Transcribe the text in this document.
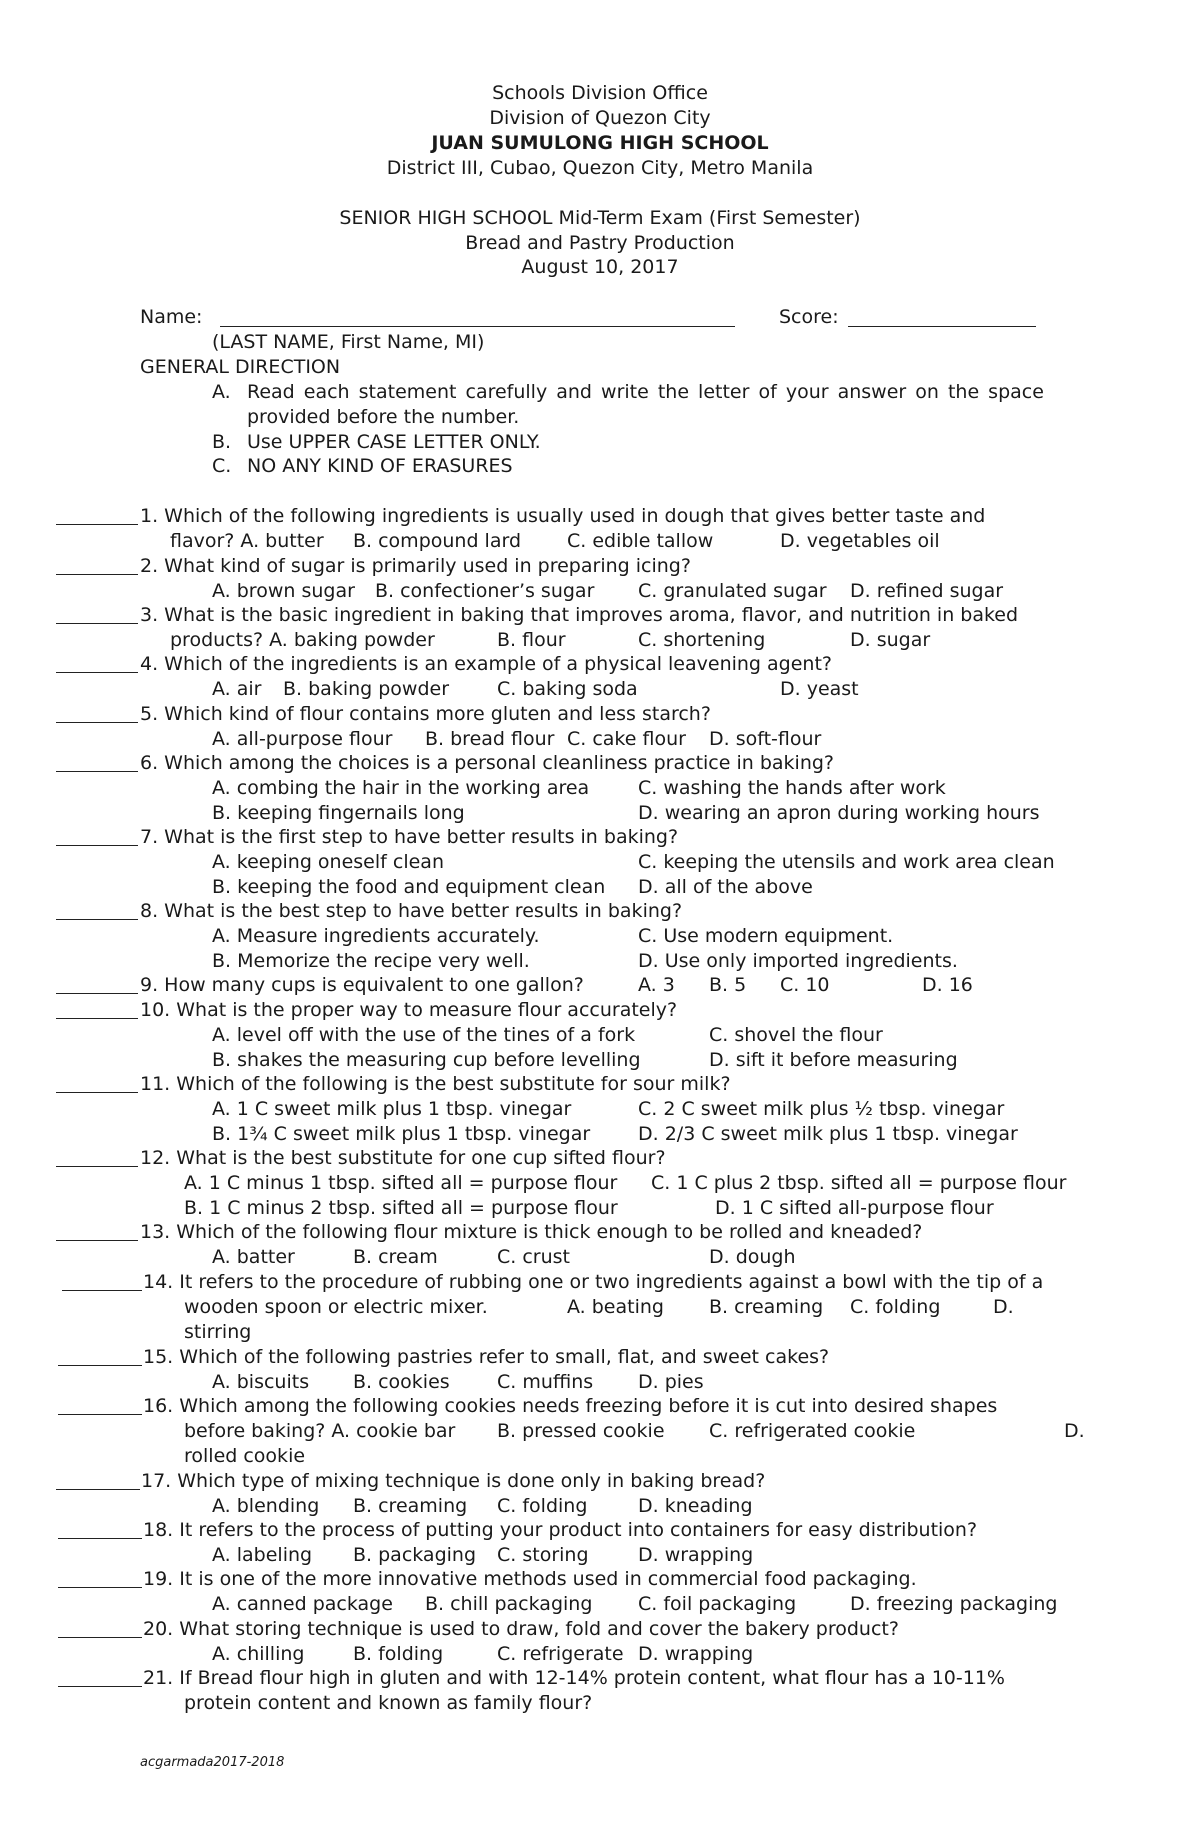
Schools Division Office
Division of Quezon City
JUAN SUMULONG HIGH SCHOOL
District III, Cubao, Quezon City, Metro Manila
SENIOR HIGH SCHOOL Mid-Term Exam (First Semester)
Bread and Pastry Production
August 10, 2017
Name:	Score:
(LAST NAME, First Name, MI)
GENERAL DIRECTION
A. Read each statement carefully and write the letter of your answer on the space
provided before the number.
B. Use UPPER CASE LETTER ONLY.
C. NO ANY KIND OF ERASURES
1. Which of the following ingredients is usually used in dough that gives better taste and
flavor? A. butter B. compound lard C. edible tallow	D. vegetables oil
2. What kind of sugar is primarily used in preparing icing?
A. brown sugar B. confectioner’s sugar C. granulated sugar D. refined sugar
3. What is the basic ingredient in baking that improves aroma, flavor, and nutrition in baked
products? A. baking powder	B. flour	C. shortening	D. sugar
4. Which of the ingredients is an example of a physical leavening agent?
A. air B. baking powder	C. baking soda	D. yeast
5. Which kind of flour contains more gluten and less starch?
A. all-purpose flour B. bread flour C. cake flour D. soft-flour
6. Which among the choices is a personal cleanliness practice in baking?
A. combing the hair in the working area	C. washing the hands after work
B. keeping fingernails long	D. wearing an apron during working hours
7. What is the first step to have better results in baking?
A. keeping oneself clean	C. keeping the utensils and work area clean
B. keeping the food and equipment clean D. all of the above
8. What is the best step to have better results in baking?
A. Measure ingredients accurately.	C. Use modern equipment.
B. Memorize the recipe very well.	D. Use only imported ingredients.
9. How many cups is equivalent to one gallon?	A. 3 B. 5 C. 10	D. 16
10. What is the proper way to measure flour accurately?
A. level off with the use of the tines of a fork	C. shovel the flour
B. shakes the measuring cup before levelling	D. sift it before measuring
11. Which of the following is the best substitute for sour milk?
A. 1 C sweet milk plus 1 tbsp. vinegar	C. 2 C sweet milk plus ½ tbsp. vinegar
B. 1¾ C sweet milk plus 1 tbsp. vinegar	D. 2/3 C sweet milk plus 1 tbsp. vinegar
12. What is the best substitute for one cup sifted flour?
A. 1 C minus 1 tbsp. sifted all = purpose flour C. 1 C plus 2 tbsp. sifted all = purpose flour
B. 1 C minus 2 tbsp. sifted all = purpose flour	D. 1 C sifted all-purpose flour
13. Which of the following flour mixture is thick enough to be rolled and kneaded?
A. batter	B. cream	C. crust	D. dough
14. It refers to the procedure of rubbing one or two ingredients against a bowl with the tip of a
wooden spoon or electric mixer.	A. beating B. creaming C. folding	D.
stirring
15. Which of the following pastries refer to small, flat, and sweet cakes?
A. biscuits B. cookies C. muffins D. pies
16. Which among the following cookies needs freezing before it is cut into desired shapes
before baking? A. cookie bar B. pressed cookie C. refrigerated cookie	D.
rolled cookie
17. Which type of mixing technique is done only in baking bread?
A. blending B. creaming C. folding	D. kneading
18. It refers to the process of putting your product into containers for easy distribution?
A. labeling B. packaging C. storing	D. wrapping
19. It is one of the more innovative methods used in commercial food packaging.
A. canned package B. chill packaging C. foil packaging	D. freezing packaging
20. What storing technique is used to draw, fold and cover the bakery product?
A. chilling	B. folding	C. refrigerate D. wrapping
21. If Bread flour high in gluten and with 12-14% protein content, what flour has a 10-11%
protein content and known as family flour?
acgarmada2017-2018
